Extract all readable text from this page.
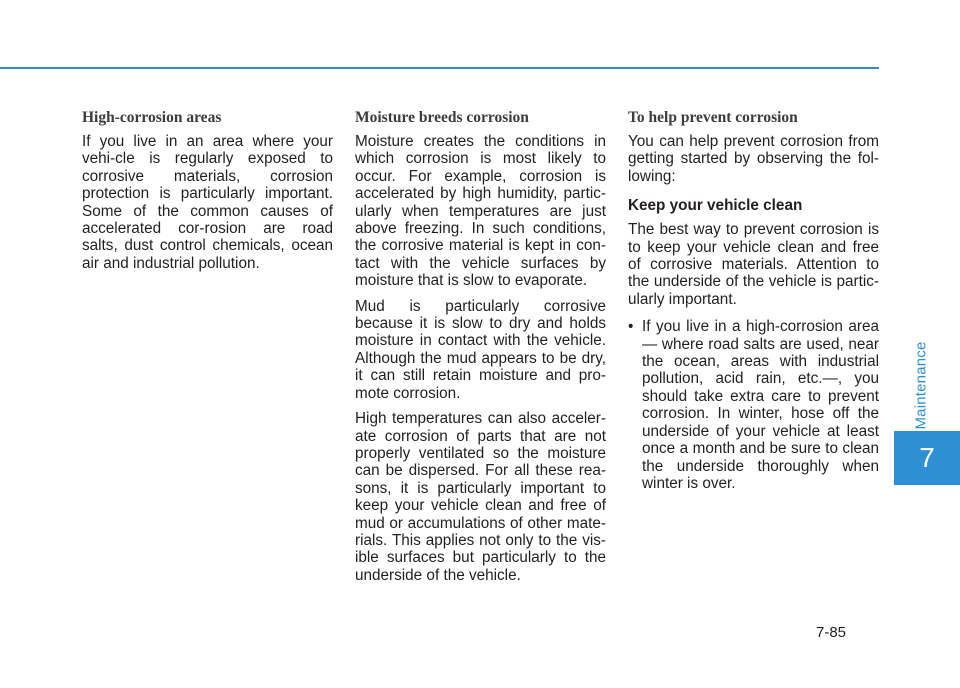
High-corrosion areas

If you live in an area where your vehi-cle is regularly exposed to corrosive materials, corrosion protection is particularly important. Some of the common causes of accelerated cor-rosion are road salts, dust control chemicals, ocean air and industrial pollution.

Moisture breeds corrosion

Moisture creates the conditions in which corrosion is most likely to occur. For example, corrosion is accelerated by high humidity, partic-ularly when temperatures are just above freezing. In such conditions, the corrosive material is kept in con-tact with the vehicle surfaces by moisture that is slow to evaporate.

Mud is particularly corrosive because it is slow to dry and holds moisture in contact with the vehicle. Although the mud appears to be dry, it can still retain moisture and pro-mote corrosion.

High temperatures can also acceler-ate corrosion of parts that are not properly ventilated so the moisture can be dispersed. For all these rea-sons, it is particularly important to keep your vehicle clean and free of mud or accumulations of other mate-rials. This applies not only to the vis-ible surfaces but particularly to the underside of the vehicle.

To help prevent corrosion

You can help prevent corrosion from getting started by observing the fol-lowing:

Keep your vehicle clean

The best way to prevent corrosion is to keep your vehicle clean and free of corrosive materials. Attention to the underside of the vehicle is partic-ularly important.

• If you live in a high-corrosion area — where road salts are used, near the ocean, areas with industrial pollution, acid rain, etc.—, you should take extra care to prevent corrosion. In winter, hose off the underside of your vehicle at least once a month and be sure to clean the underside thoroughly when winter is over.
Maintenance
7
7-85
